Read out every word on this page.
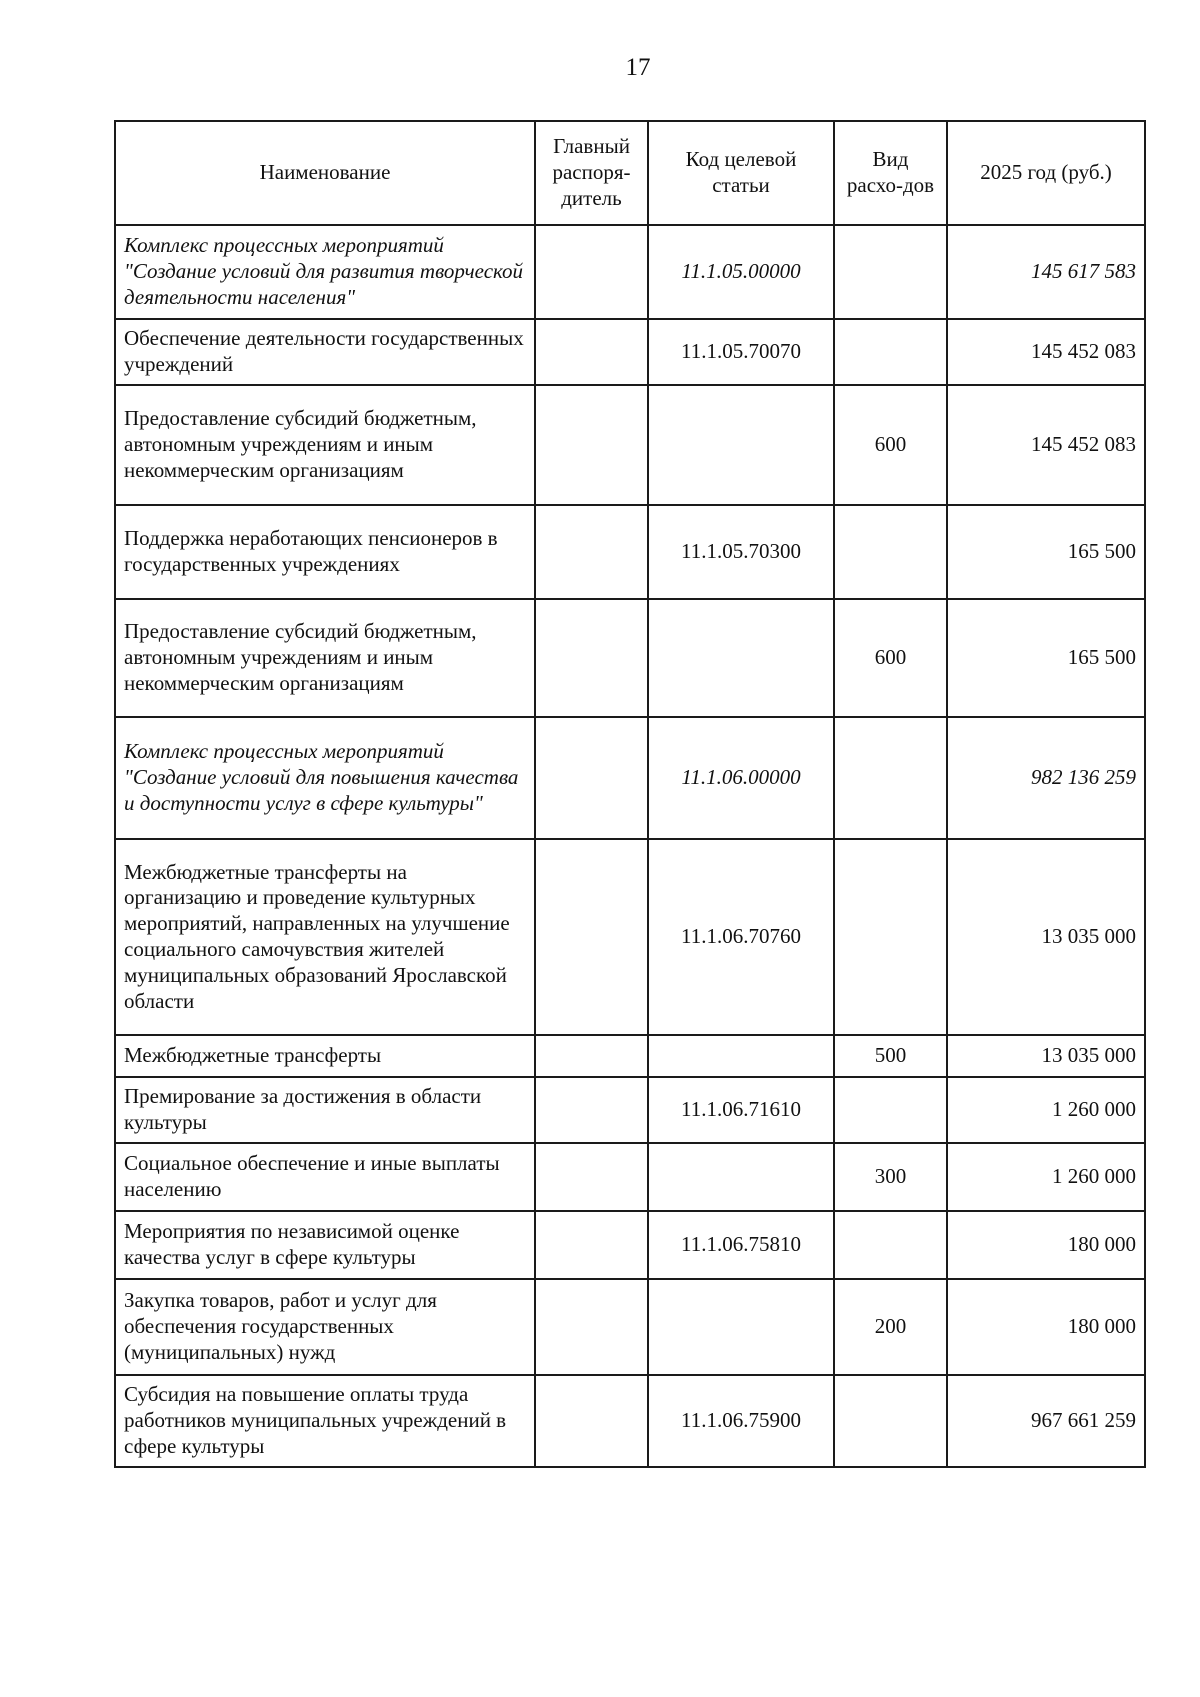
17
Наименование	Главный распоря-дитель	Код целевой статьи	Вид расхо-дов	2025 год (руб.)
Комплекс процессных мероприятий "Создание условий для развития творческой деятельности населения"		11.1.05.00000		145 617 583
Обеспечение деятельности государственных учреждений		11.1.05.70070		145 452 083
Предоставление субсидий бюджетным, автономным учреждениям и иным некоммерческим организациям			600	145 452 083
Поддержка неработающих пенсионеров в государственных учреждениях		11.1.05.70300		165 500
Предоставление субсидий бюджетным, автономным учреждениям и иным некоммерческим организациям			600	165 500
Комплекс процессных мероприятий "Создание условий для повышения качества и доступности услуг в сфере культуры"		11.1.06.00000		982 136 259
Межбюджетные трансферты на организацию и проведение культурных мероприятий, направленных на улучшение социального самочувствия жителей муниципальных образований Ярославской области		11.1.06.70760		13 035 000
Межбюджетные трансферты			500	13 035 000
Премирование за достижения в области культуры		11.1.06.71610		1 260 000
Социальное обеспечение и иные выплаты населению			300	1 260 000
Мероприятия по независимой оценке качества услуг в сфере культуры		11.1.06.75810		180 000
Закупка товаров, работ и услуг для обеспечения государственных (муниципальных) нужд			200	180 000
Субсидия на повышение оплаты труда работников муниципальных учреждений в сфере культуры		11.1.06.75900		967 661 259
